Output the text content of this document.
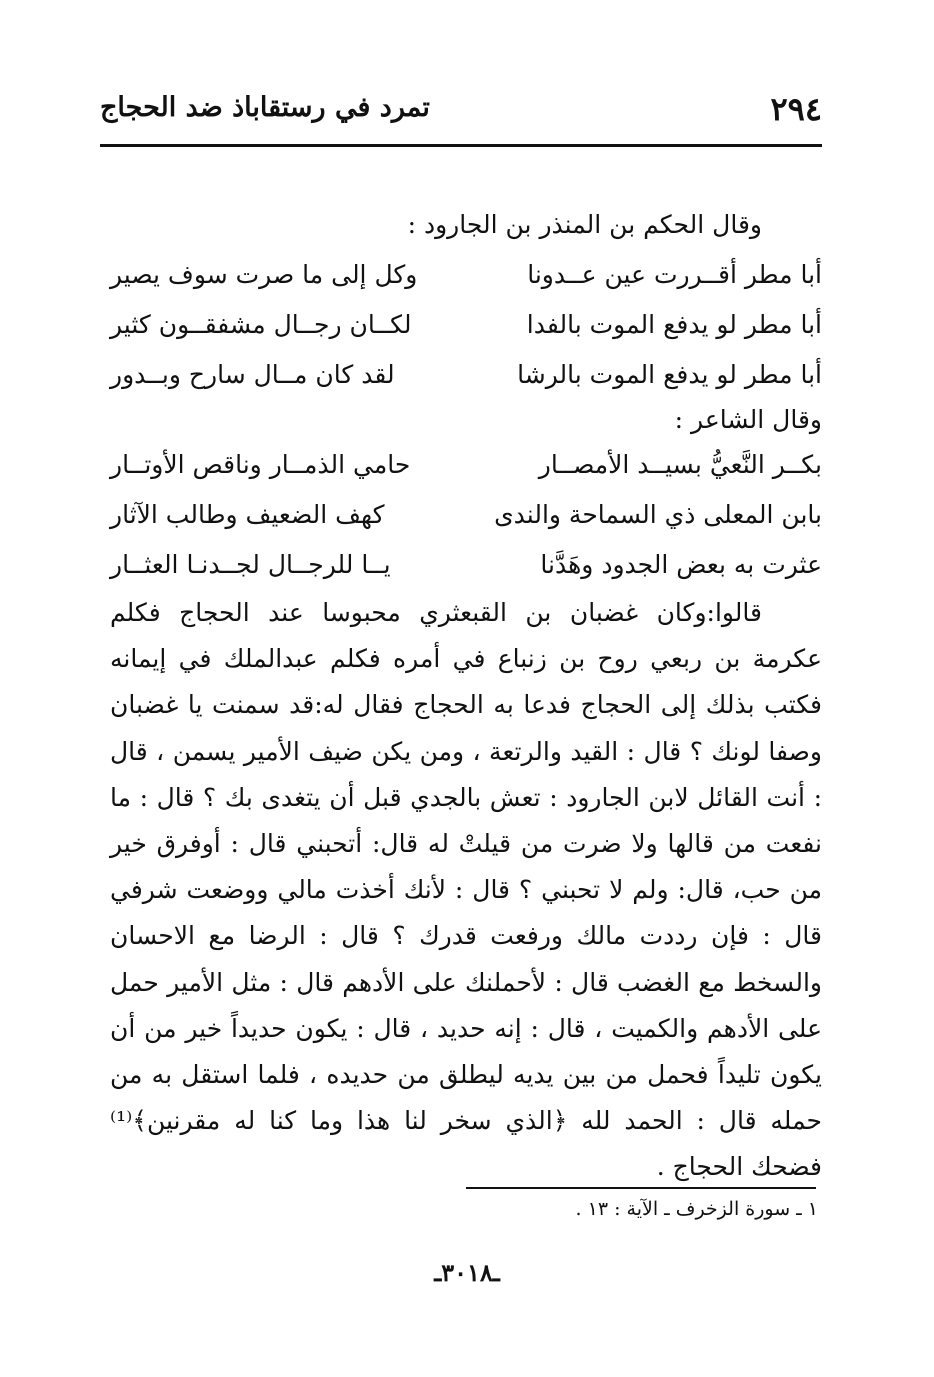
تمرد في رستقاباذ ضد الحجاج	٢٩٤
وقال الحكم بن المنذر بن الجارود :
أبا مطر أقــررت عين عــدونا
وكل إلى ما صرت سوف يصير
أبا مطر لو يدفع الموت بالفدا
لكــان رجــال مشفقــون كثير
أبا مطر لو يدفع الموت بالرشا
لقد كان مــال سارح وبــدور
وقال الشاعر :
بكــر النَّعيُّ بسيــد الأمصــار
حامي الذمــار وناقص الأوتــار
بابن المعلى ذي السماحة والندى
كهف الضعيف وطالب الآثار
عثرت به بعض الجدود وهَدَّنا
يــا للرجــال لجــدنـا العثــار
قالوا:وكان غضبان بن القبعثري محبوسا عند الحجاج فكلم عكرمة بن ربعي روح بن زنباع في أمره فكلم عبدالملك في إيمانه فكتب بذلك إلى الحجاج فدعا به الحجاج فقال له:قد سمنت يا غضبان وصفا لونك ؟ قال : القيد والرتعة ، ومن يكن ضيف الأمير يسمن ، قال : أنت القائل لابن الجارود : تعش بالجدي قبل أن يتغدى بك ؟ قال : ما نفعت من قالها ولا ضرت من قيلتْ له قال: أتحبني قال : أوفرق خير من حب، قال: ولم لا تحبني ؟ قال : لأنك أخذت مالي ووضعت شرفي قال : فإن رددت مالك ورفعت قدرك ؟ قال : الرضا مع الاحسان والسخط مع الغضب قال : لأحملنك على الأدهم قال : مثل الأمير حمل على الأدهم والكميت ، قال : إنه حديد ، قال : يكون حديداً خير من أن يكون تليداً فحمل من بين يديه ليطلق من حديده ، فلما استقل به من حمله قال : الحمد لله ﴿الذي سخر لنا هذا وما كنا له مقرنين﴾⁽¹⁾ فضحك الحجاج .
١ ـ سورة الزخرف ـ الآية : ١٣ .
ـ٣٠١٨ـ
